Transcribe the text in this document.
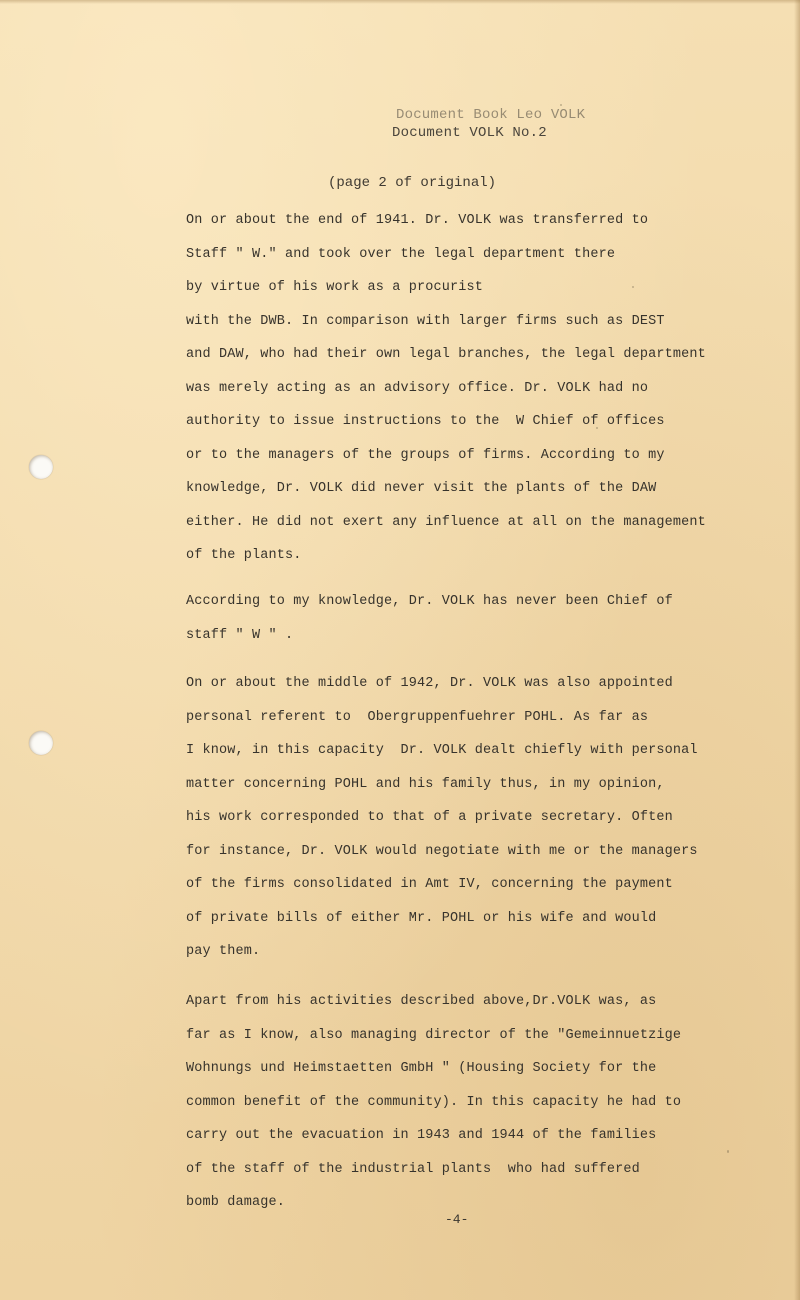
Document Book Leo VOLK
Document VOLK No.2
(page 2 of original)
On or about the end of 1941. Dr. VOLK was transferred to
Staff " W." and took over the legal department there
by virtue of his work as a procurist
with the DWB. In comparison with larger firms such as DEST
and DAW, who had their own legal branches, the legal department
was merely acting as an advisory office. Dr. VOLK had no
authority to issue instructions to the  W Chief of offices
or to the managers of the groups of firms. According to my
knowledge, Dr. VOLK did never visit the plants of the DAW
either. He did not exert any influence at all on the management
of the plants.
According to my knowledge, Dr. VOLK has never been Chief of
staff " W " .
On or about the middle of 1942, Dr. VOLK was also appointed
personal referent to  Obergruppenfuehrer POHL. As far as
I know, in this capacity  Dr. VOLK dealt chiefly with personal
matter concerning POHL and his family thus, in my opinion,
his work corresponded to that of a private secretary. Often
for instance, Dr. VOLK would negotiate with me or the managers
of the firms consolidated in Amt IV, concerning the payment
of private bills of either Mr. POHL or his wife and would
pay them.
Apart from his activities described above,Dr.VOLK was, as
far as I know, also managing director of the "Gemeinnuetzige
Wohnungs und Heimstaetten GmbH " (Housing Society for the
common benefit of the community). In this capacity he had to
carry out the evacuation in 1943 and 1944 of the families
of the staff of the industrial plants  who had suffered
bomb damage.
-4-
